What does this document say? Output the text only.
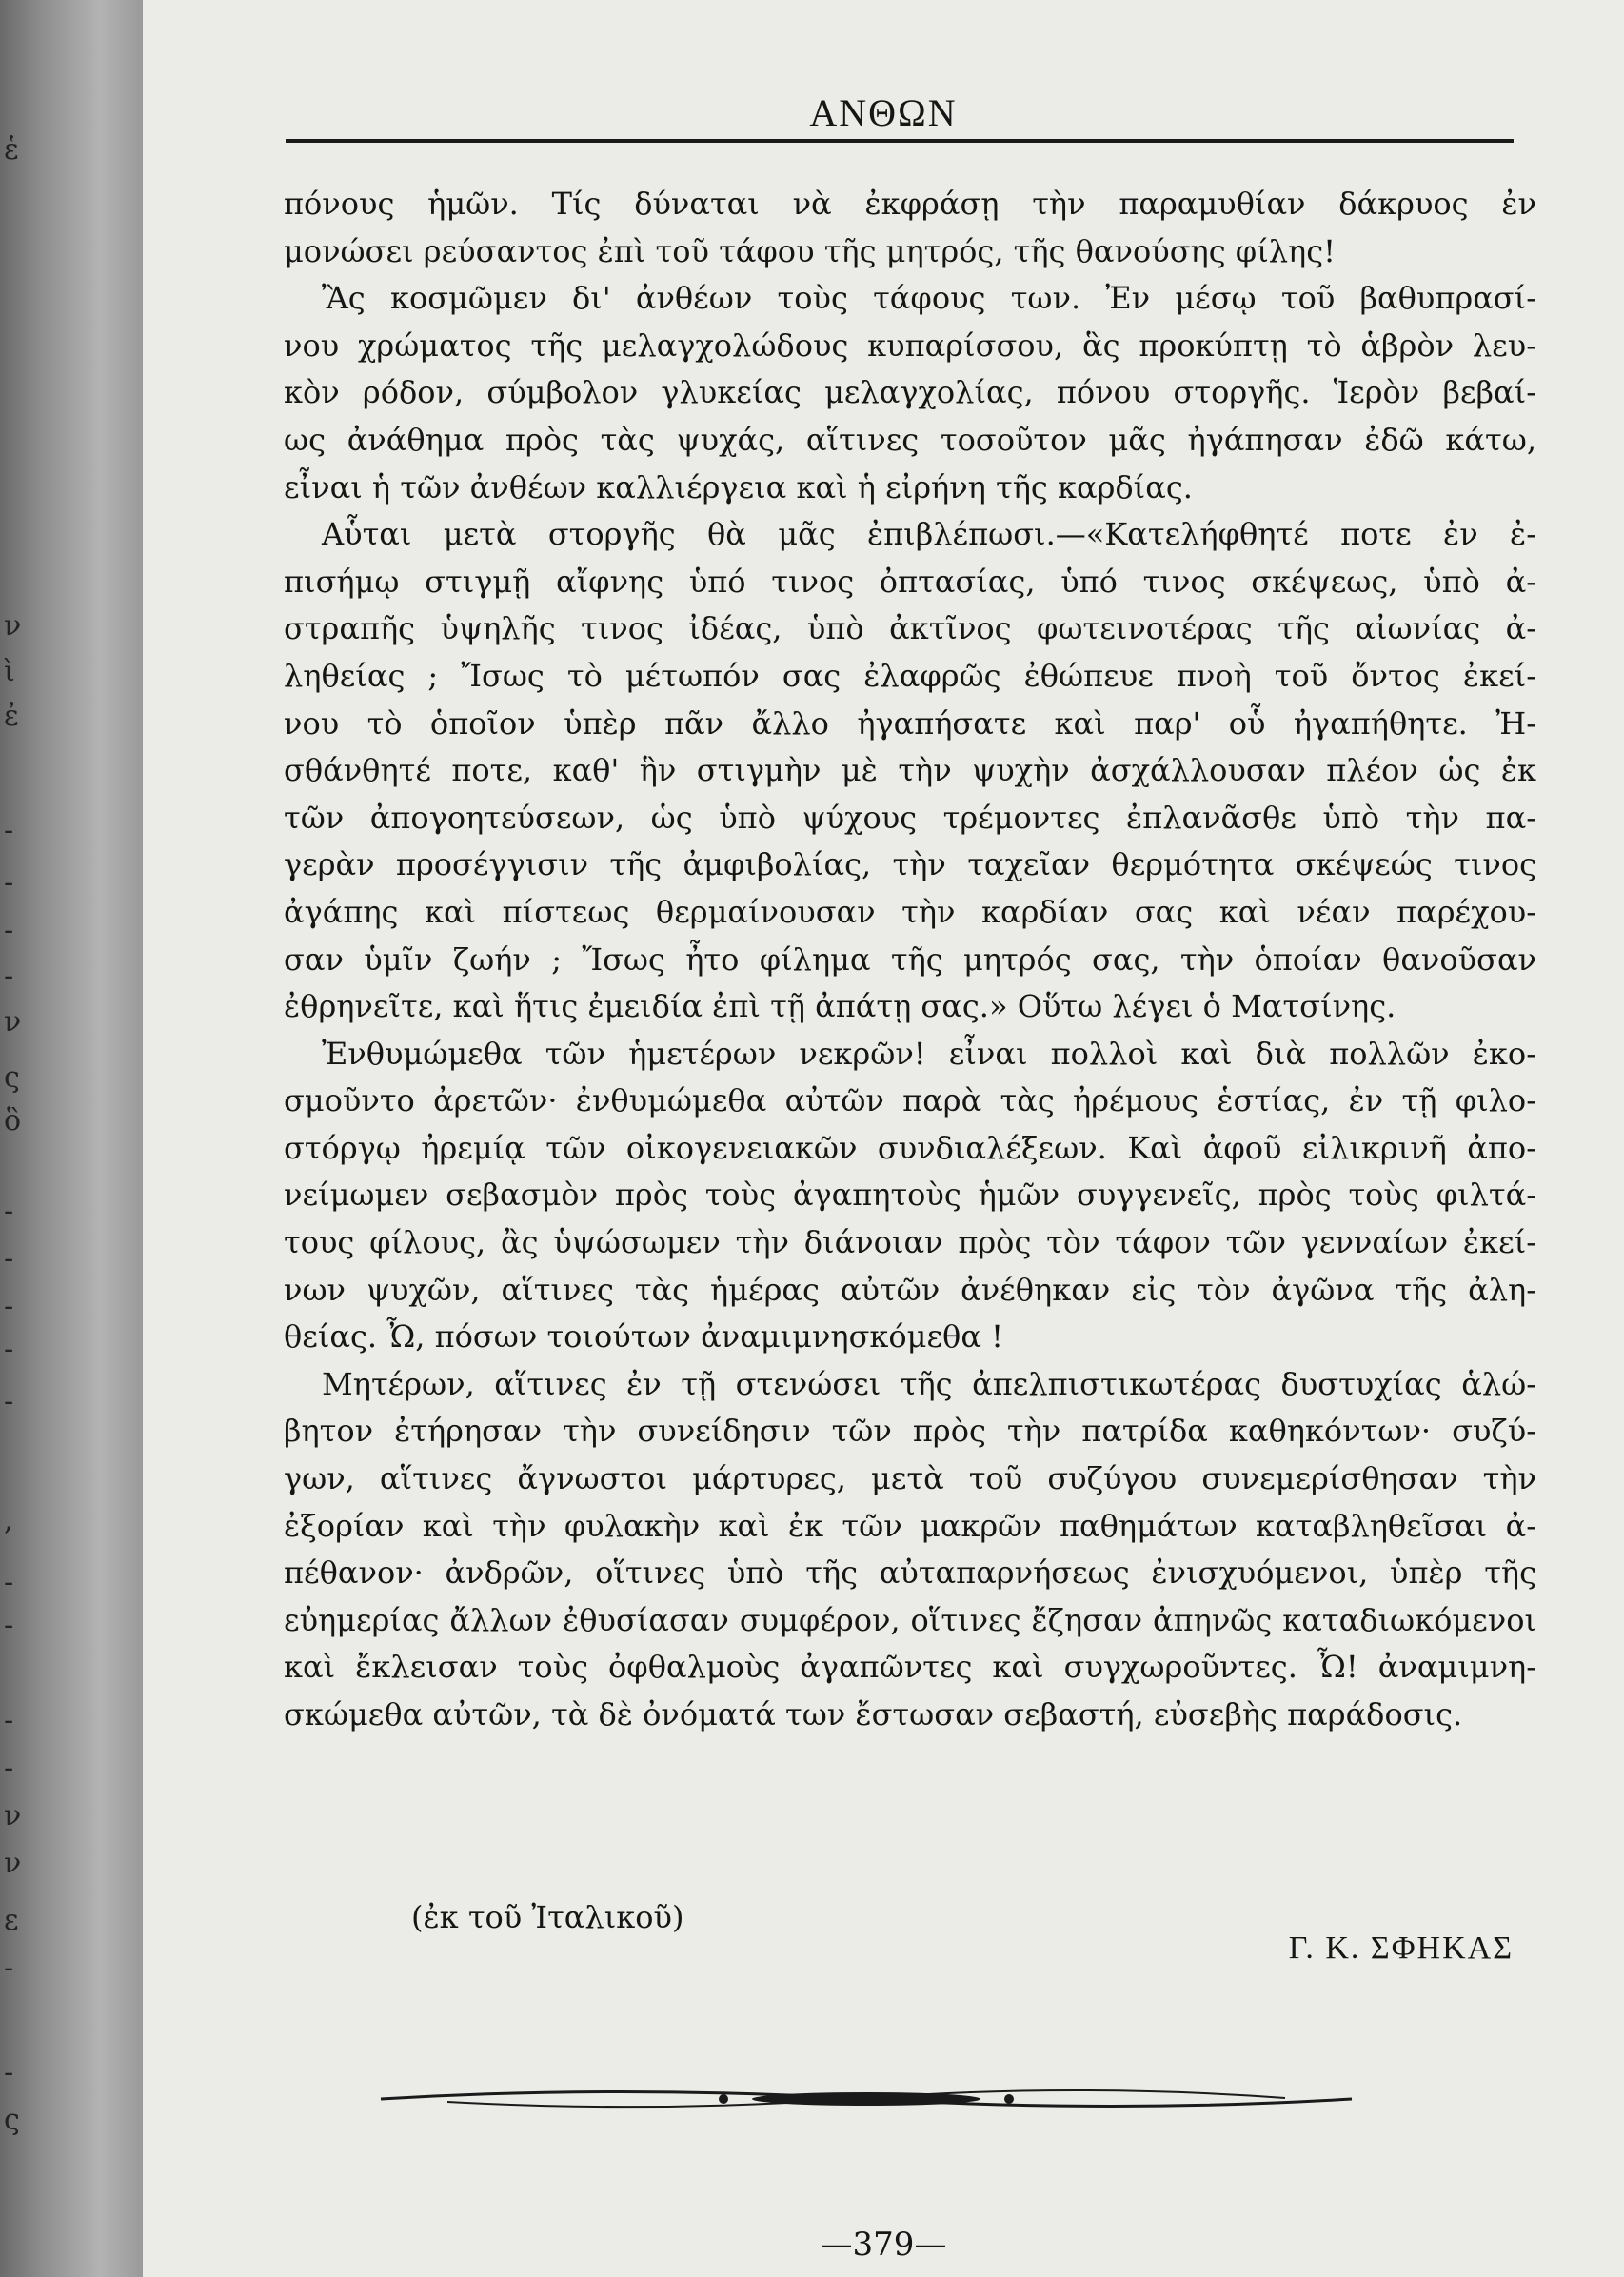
ἑ
ν
ὶ
ἐ
-
-
-
-
ν
ς
ὃ
-
-
-
-
-
,
-
-
-
-
ν
ν
ε
-
-
ς
ΑΝΘΩΝ
πόνους ἡμῶν. Τίς δύναται νὰ ἐκφράσῃ τὴν παραμυθίαν δάκρυος ἐν
μονώσει ρεύσαντος ἐπὶ τοῦ τάφου τῆς μητρός, τῆς θανούσης φίλης!
Ἂς κοσμῶμεν δι' ἀνθέων τοὺς τάφους των. Ἐν μέσῳ τοῦ βαθυπρασί-
νου χρώματος τῆς μελαγχολώδους κυπαρίσσου, ἃς προκύπτῃ τὸ ἁβρὸν λευ-
κὸν ρόδον, σύμβολον γλυκείας μελαγχολίας, πόνου στοργῆς. Ἱερὸν βεβαί-
ως ἀνάθημα πρὸς τὰς ψυχάς, αἵτινες τοσοῦτον μᾶς ἠγάπησαν ἐδῶ κάτω,
εἶναι ἡ τῶν ἀνθέων καλλιέργεια καὶ ἡ εἰρήνη τῆς καρδίας.
Αὗται μετὰ στοργῆς θὰ μᾶς ἐπιβλέπωσι.—«Κατελήφθητέ ποτε ἐν ἐ-
πισήμῳ στιγμῇ αἴφνης ὑπό τινος ὀπτασίας, ὑπό τινος σκέψεως, ὑπὸ ἀ-
στραπῆς ὑψηλῆς τινος ἰδέας, ὑπὸ ἀκτῖνος φωτεινοτέρας τῆς αἰωνίας ἀ-
ληθείας ; Ἴσως τὸ μέτωπόν σας ἐλαφρῶς ἐθώπευε πνοὴ τοῦ ὄντος ἐκεί-
νου τὸ ὁποῖον ὑπὲρ πᾶν ἄλλο ἠγαπήσατε καὶ παρ' οὗ ἠγαπήθητε. Ἠ-
σθάνθητέ ποτε, καθ' ἣν στιγμὴν μὲ τὴν ψυχὴν ἀσχάλλουσαν πλέον ὡς ἐκ
τῶν ἀπογοητεύσεων, ὡς ὑπὸ ψύχους τρέμοντες ἐπλανᾶσθε ὑπὸ τὴν πα-
γερὰν προσέγγισιν τῆς ἀμφιβολίας, τὴν ταχεῖαν θερμότητα σκέψεώς τινος
ἀγάπης καὶ πίστεως θερμαίνουσαν τὴν καρδίαν σας καὶ νέαν παρέχου-
σαν ὑμῖν ζωήν ; Ἴσως ἦτο φίλημα τῆς μητρός σας, τὴν ὁποίαν θανοῦσαν
ἐθρηνεῖτε, καὶ ἥτις ἐμειδία ἐπὶ τῇ ἀπάτῃ σας.» Οὕτω λέγει ὁ Ματσίνης.
Ἐνθυμώμεθα τῶν ἡμετέρων νεκρῶν! εἶναι πολλοὶ καὶ διὰ πολλῶν ἐκο-
σμοῦντο ἀρετῶν· ἐνθυμώμεθα αὐτῶν παρὰ τὰς ἠρέμους ἑστίας, ἐν τῇ φιλο-
στόργῳ ἠρεμίᾳ τῶν οἰκογενειακῶν συνδιαλέξεων. Καὶ ἀφοῦ εἰλικρινῆ ἀπο-
νείμωμεν σεβασμὸν πρὸς τοὺς ἀγαπητοὺς ἡμῶν συγγενεῖς, πρὸς τοὺς φιλτά-
τους φίλους, ἂς ὑψώσωμεν τὴν διάνοιαν πρὸς τὸν τάφον τῶν γενναίων ἐκεί-
νων ψυχῶν, αἵτινες τὰς ἡμέρας αὐτῶν ἀνέθηκαν εἰς τὸν ἀγῶνα τῆς ἀλη-
θείας. Ὦ, πόσων τοιούτων ἀναμιμνησκόμεθα !
Μητέρων, αἵτινες ἐν τῇ στενώσει τῆς ἀπελπιστικωτέρας δυστυχίας ἁλώ-
βητον ἐτήρησαν τὴν συνείδησιν τῶν πρὸς τὴν πατρίδα καθηκόντων· συζύ-
γων, αἵτινες ἄγνωστοι μάρτυρες, μετὰ τοῦ συζύγου συνεμερίσθησαν τὴν
ἐξορίαν καὶ τὴν φυλακὴν καὶ ἐκ τῶν μακρῶν παθημάτων καταβληθεῖσαι ἀ-
πέθανον· ἀνδρῶν, οἵτινες ὑπὸ τῆς αὐταπαρνήσεως ἐνισχυόμενοι, ὑπὲρ τῆς
εὐημερίας ἄλλων ἐθυσίασαν συμφέρον, οἵτινες ἔζησαν ἀπηνῶς καταδιωκόμενοι
καὶ ἔκλεισαν τοὺς ὀφθαλμοὺς ἀγαπῶντες καὶ συγχωροῦντες. Ὦ! ἀναμιμνη-
σκώμεθα αὐτῶν, τὰ δὲ ὀνόματά των ἔστωσαν σεβαστή, εὐσεβὴς παράδοσις.
(ἐκ τοῦ Ἰταλικοῦ)
Γ. Κ. ΣΦΗΚΑΣ
—379—
